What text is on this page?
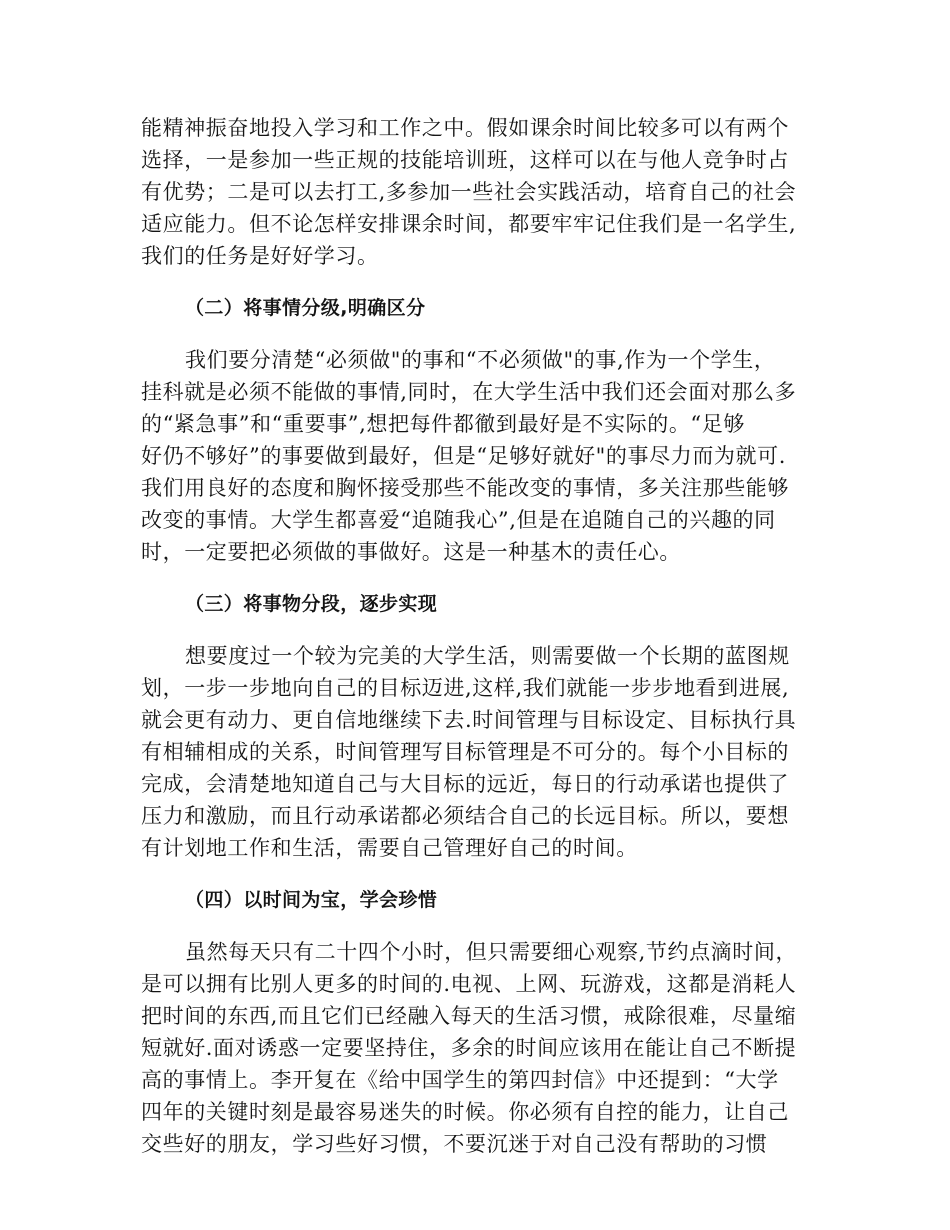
能精神振奋地投入学习和工作之中。假如课余时间比较多可以有两个
选择，一是参加一些正规的技能培训班，这样可以在与他人竞争时占
有优势；二是可以去打工,多参加一些社会实践活动，培育自己的社会
适应能力。但不论怎样安排课余时间，都要牢牢记住我们是一名学生,
我们的任务是好好学习。

（二）将事情分级,明确区分

我们要分清楚“必须做"的事和“不必须做"的事,作为一个学生，
挂科就是必须不能做的事情,同时，在大学生活中我们还会面对那么多
的“紧急事”和“重要事”,想把每件都徹到最好是不实际的。“足够
好仍不够好”的事要做到最好，但是“足够好就好"的事尽力而为就可.
我们用良好的态度和胸怀接受那些不能改变的事情，多关注那些能够
改变的事情。大学生都喜爱“追随我心”,但是在追随自己的兴趣的同
时，一定要把必须做的事做好。这是一种基木的责任心。

（三）将事物分段，逐步实现

想要度过一个较为完美的大学生活，则需要做一个长期的蓝图规
划，一步一步地向自己的目标迈进,这样,我们就能一步步地看到进展,
就会更有动力、更自信地继续下去.时间管理与目标设定、目标执行具
有相辅相成的关系，时间管理写目标管理是不可分的。每个小目标的
完成，会清楚地知道自己与大目标的远近，每日的行动承诺也提供了
压力和激励，而且行动承诺都必须结合自己的长远目标。所以，要想
有计划地工作和生活，需要自己管理好自己的时间。

（四）以时间为宝，学会珍惜

虽然每天只有二十四个小时，但只需要细心观察,节约点滴时间，
是可以拥有比别人更多的时间的.电视、上网、玩游戏，这都是消耗人
把时间的东西,而且它们已经融入每天的生活习惯，戒除很难，尽量缩
短就好.面对诱惑一定要坚持住，多余的时间应该用在能让自己不断提
高的事情上。李开复在《给中国学生的第四封信》中还提到：“大学
四年的关键时刻是最容易迷失的时候。你必须有自控的能力，让自己
交些好的朋友，学习些好习惯，不要沉迷于对自己没有帮助的习惯
